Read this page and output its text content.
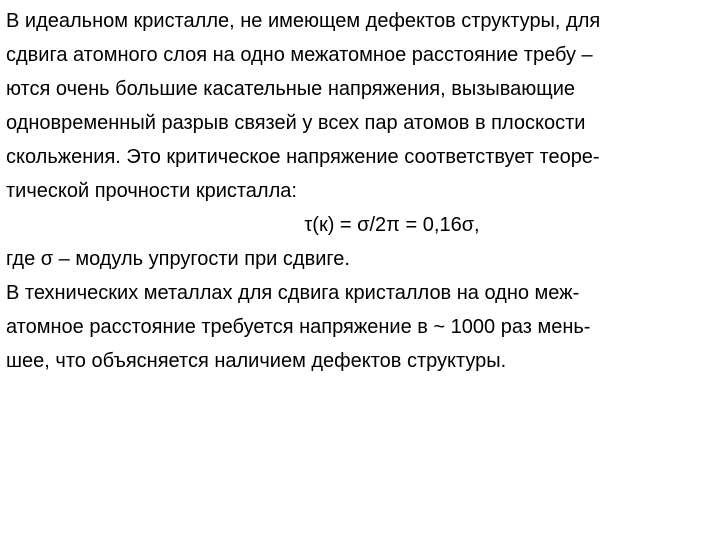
В идеальном кристалле, не имеющем дефектов структуры, для
сдвига атомного слоя на одно межатомное расстояние требу –
ются очень большие касательные напряжения, вызывающие
одновременный разрыв связей у всех пар атомов в плоскости
скольжения. Это критическое напряжение соответствует теоре-
тической прочности кристалла:
τ(к) = σ/2π = 0,16σ,
где σ – модуль упругости при сдвиге.
В технических металлах для сдвига кристаллов на одно меж-
атомное расстояние требуется напряжение в ~ 1000 раз мень-
шее, что объясняется наличием дефектов структуры.
